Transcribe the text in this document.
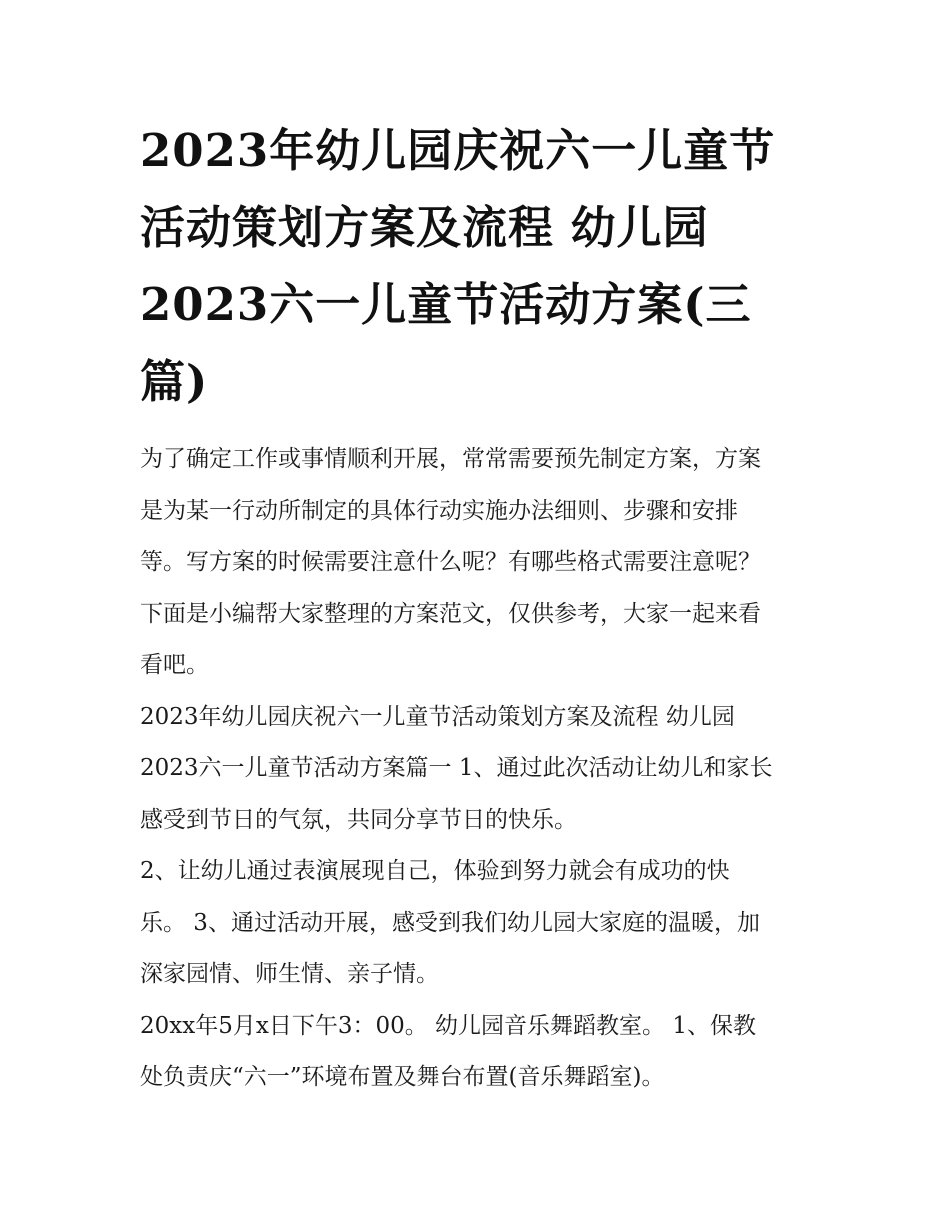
2023年幼儿园庆祝六一儿童节
活动策划方案及流程 幼儿园
2023六一儿童节活动方案(三
篇)

为了确定工作或事情顺利开展，常常需要预先制定方案，方案
是为某一行动所制定的具体行动实施办法细则、步骤和安排
等。写方案的时候需要注意什么呢？有哪些格式需要注意呢？
下面是小编帮大家整理的方案范文，仅供参考，大家一起来看
看吧。

2023年幼儿园庆祝六一儿童节活动策划方案及流程 幼儿园
2023六一儿童节活动方案篇一 1、通过此次活动让幼儿和家长
感受到节日的气氛，共同分享节日的快乐。

2、让幼儿通过表演展现自己，体验到努力就会有成功的快
乐。 3、通过活动开展，感受到我们幼儿园大家庭的温暖，加
深家园情、师生情、亲子情。

20xx年5月x日下午3：00。 幼儿园音乐舞蹈教室。 1、保教
处负责庆“六一”环境布置及舞台布置(音乐舞蹈室)。
